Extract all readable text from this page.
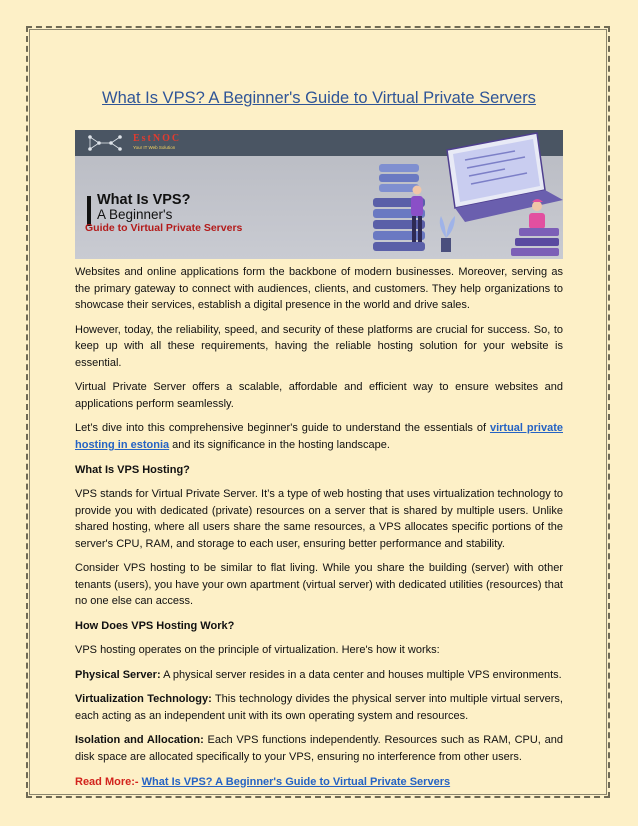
What Is VPS? A Beginner's Guide to Virtual Private Servers
EstNOC
Your IT Web Solution
What Is VPS?
A Beginner's
Guide to Virtual Private Servers

Websites and online applications form the backbone of modern businesses. Moreover, serving as the primary gateway to connect with audiences, clients, and customers. They help organizations to showcase their services, establish a digital presence in the world and drive sales.

However, today, the reliability, speed, and security of these platforms are crucial for success. So, to keep up with all these requirements, having the reliable hosting solution for your website is essential.

Virtual Private Server offers a scalable, affordable and efficient way to ensure websites and applications perform seamlessly.

Let’s dive into this comprehensive beginner's guide to understand the essentials of virtual private hosting in estonia and its significance in the hosting landscape.

What Is VPS Hosting?

VPS stands for Virtual Private Server. It’s a type of web hosting that uses virtualization technology to provide you with dedicated (private) resources on a server that is shared by multiple users. Unlike shared hosting, where all users share the same resources, a VPS allocates specific portions of the server's CPU, RAM, and storage to each user, ensuring better performance and stability.

Consider VPS hosting to be similar to flat living. While you share the building (server) with other tenants (users), you have your own apartment (virtual server) with dedicated utilities (resources) that no one else can access.

How Does VPS Hosting Work?

VPS hosting operates on the principle of virtualization. Here's how it works:

Physical Server: A physical server resides in a data center and houses multiple VPS environments.

Virtualization Technology: This technology divides the physical server into multiple virtual servers, each acting as an independent unit with its own operating system and resources.

Isolation and Allocation: Each VPS functions independently. Resources such as RAM, CPU, and disk space are allocated specifically to your VPS, ensuring no interference from other users.

Read More:- What Is VPS? A Beginner's Guide to Virtual Private Servers
